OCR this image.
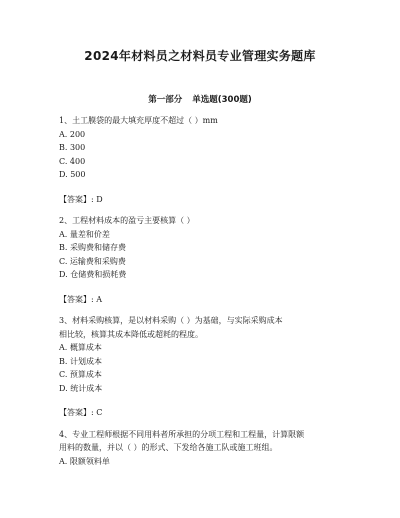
2024年材料员之材料员专业管理实务题库
第一部分 单选题(300题)
1、土工膜袋的最大填充厚度不超过（ ）mm
A. 200
B. 300
C. 400
D. 500
【答案】: D
2、工程材料成本的盈亏主要核算（ ）
A. 量差和价差
B. 采购费和储存费
C. 运输费和采购费
D. 仓储费和损耗费
【答案】: A
3、材料采购核算，是以材料采购（ ）为基础，与实际采购成本
相比较，核算其成本降低或超耗的程度。
A. 概算成本
B. 计划成本
C. 预算成本
D. 统计成本
【答案】: C
4、专业工程师根据不同用料者所承担的分项工程和工程量，计算限额
用料的数量，并以（ ）的形式、下发给各施工队或施工班组。
A. 限额领料单
